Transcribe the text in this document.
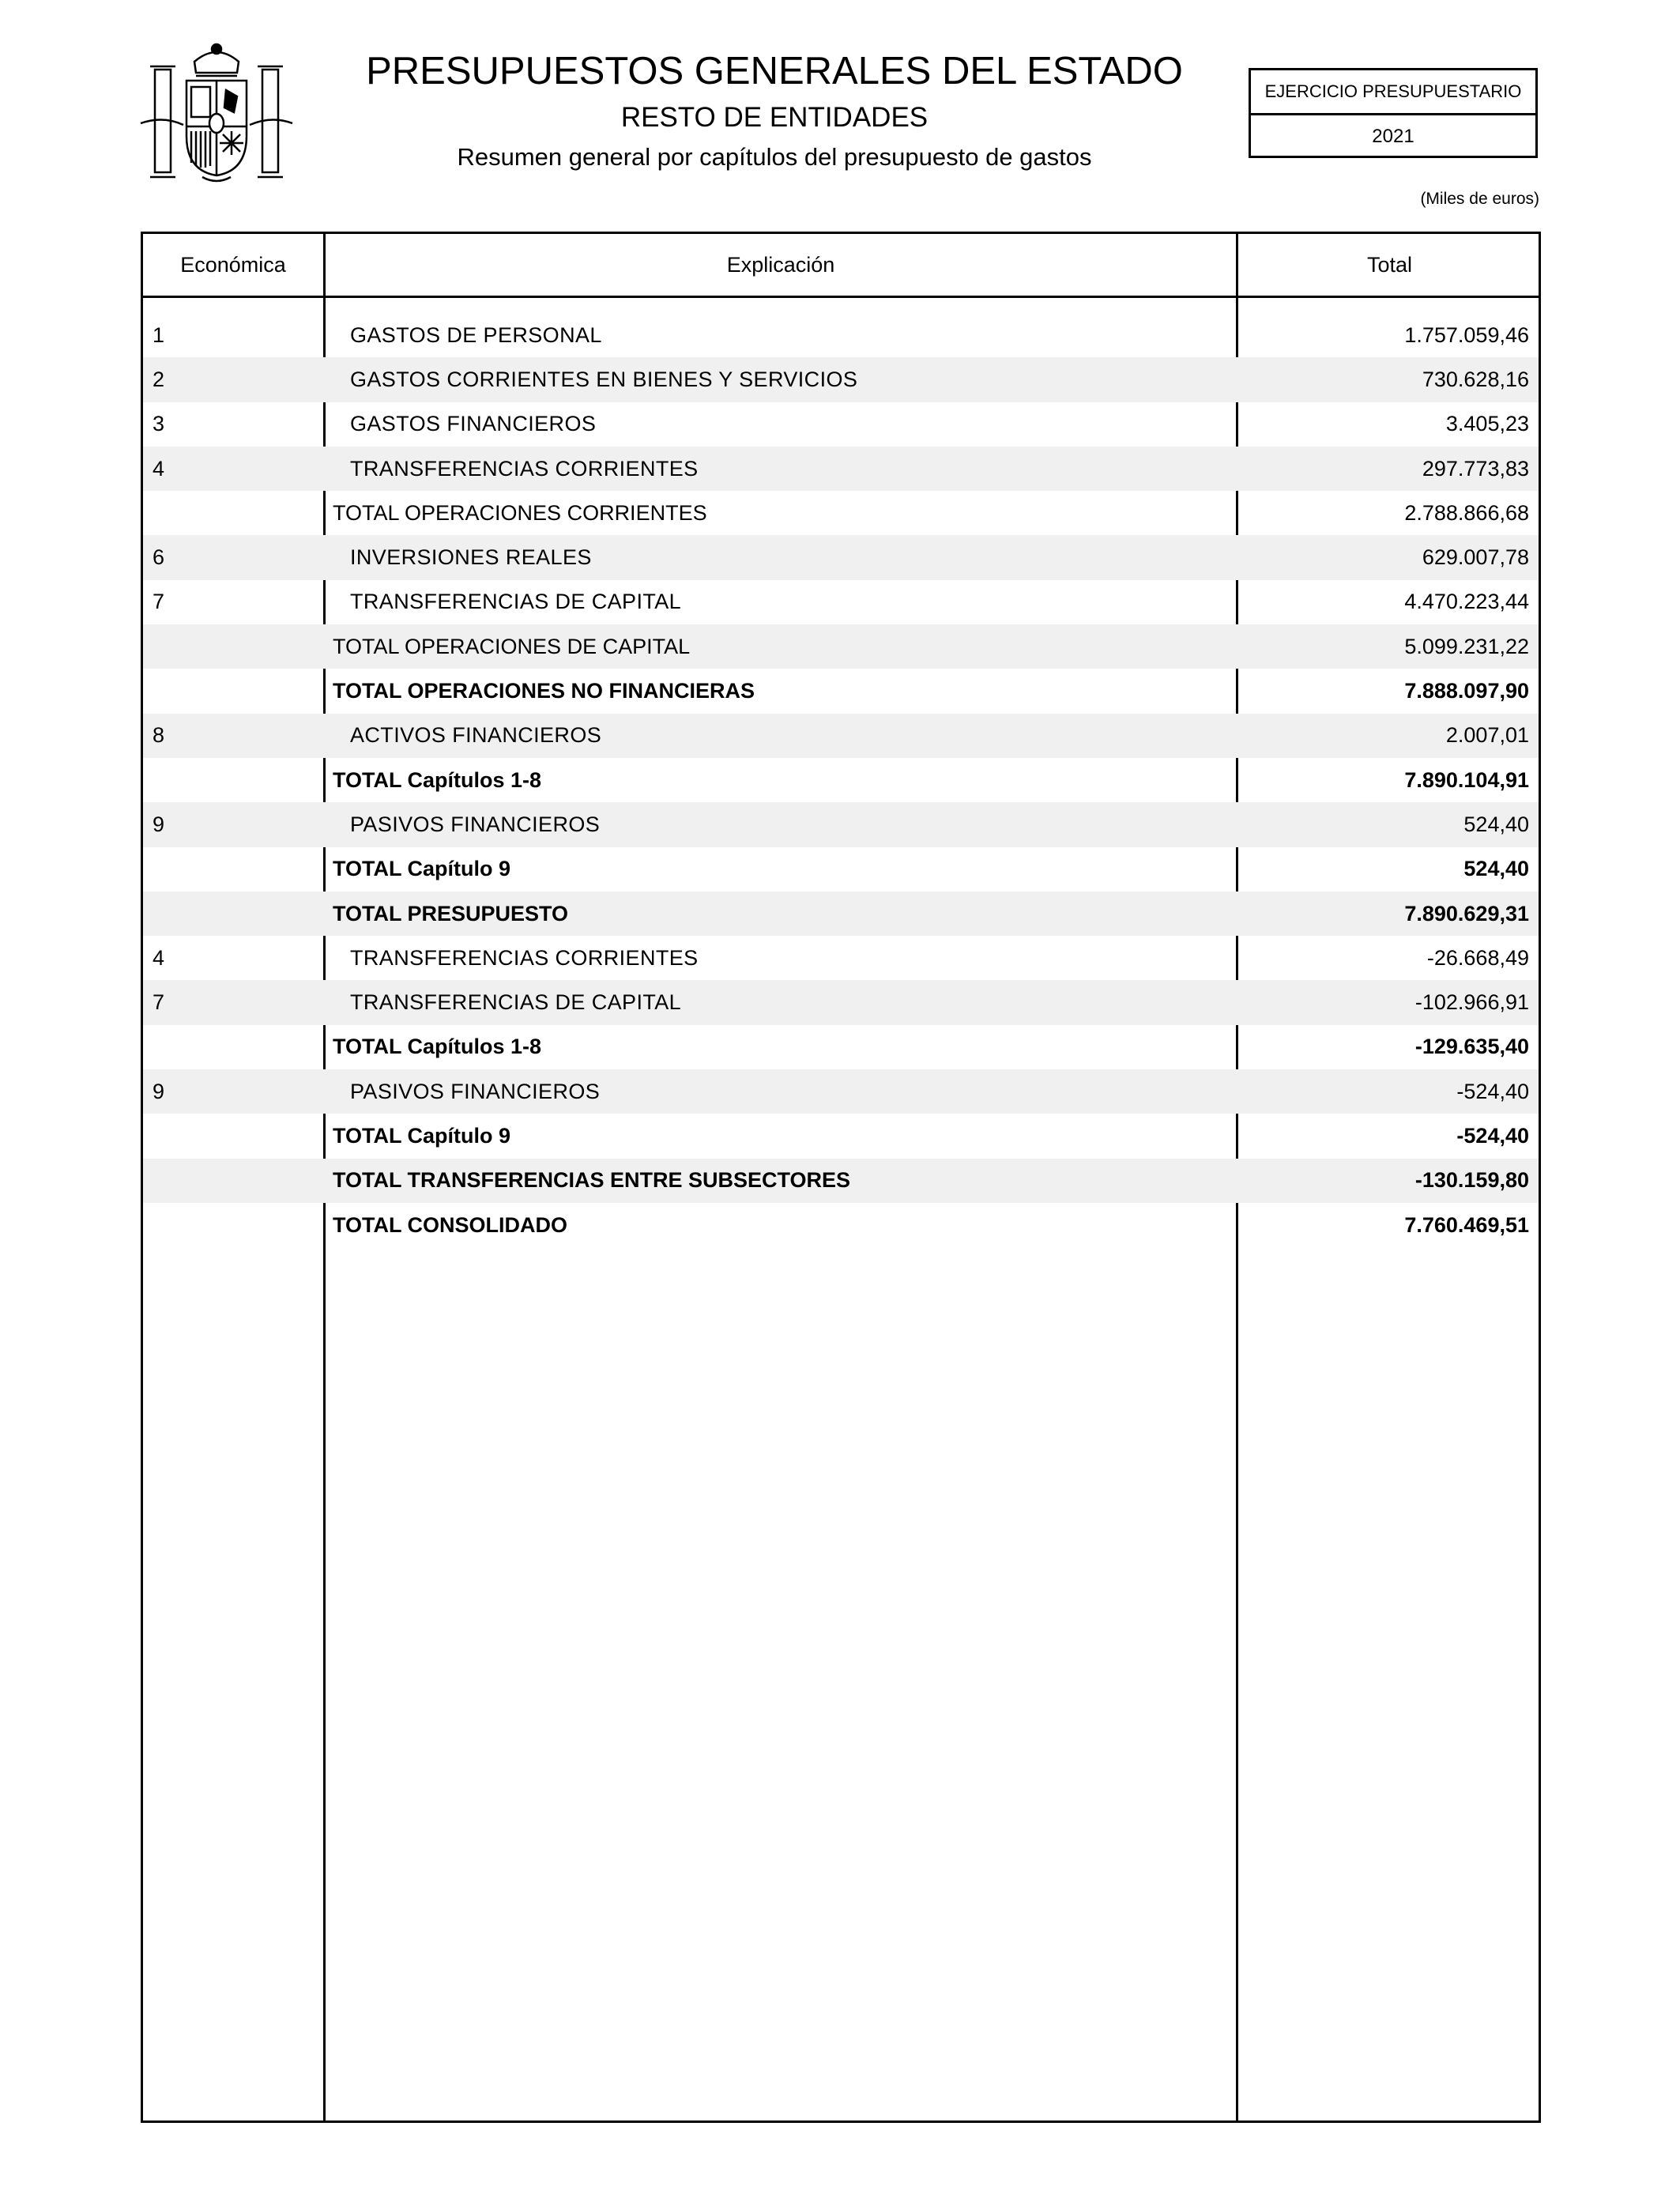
PRESUPUESTOS GENERALES DEL ESTADO
RESTO DE ENTIDADES
Resumen general por capítulos del presupuesto de gastos
EJERCICIO PRESUPUESTARIO
2021
(Miles de euros)
Económica	Explicación	Total
1	GASTOS DE PERSONAL	1.757.059,46
2	GASTOS CORRIENTES EN BIENES Y SERVICIOS	730.628,16
3	GASTOS FINANCIEROS	3.405,23
4	TRANSFERENCIAS CORRIENTES	297.773,83
TOTAL OPERACIONES CORRIENTES	2.788.866,68
6	INVERSIONES REALES	629.007,78
7	TRANSFERENCIAS DE CAPITAL	4.470.223,44
TOTAL OPERACIONES DE CAPITAL	5.099.231,22
TOTAL OPERACIONES NO FINANCIERAS	7.888.097,90
8	ACTIVOS FINANCIEROS	2.007,01
TOTAL Capítulos 1-8	7.890.104,91
9	PASIVOS FINANCIEROS	524,40
TOTAL Capítulo 9	524,40
TOTAL PRESUPUESTO	7.890.629,31
4	TRANSFERENCIAS CORRIENTES	-26.668,49
7	TRANSFERENCIAS DE CAPITAL	-102.966,91
TOTAL Capítulos 1-8	-129.635,40
9	PASIVOS FINANCIEROS	-524,40
TOTAL Capítulo 9	-524,40
TOTAL TRANSFERENCIAS ENTRE SUBSECTORES	-130.159,80
TOTAL CONSOLIDADO	7.760.469,51
